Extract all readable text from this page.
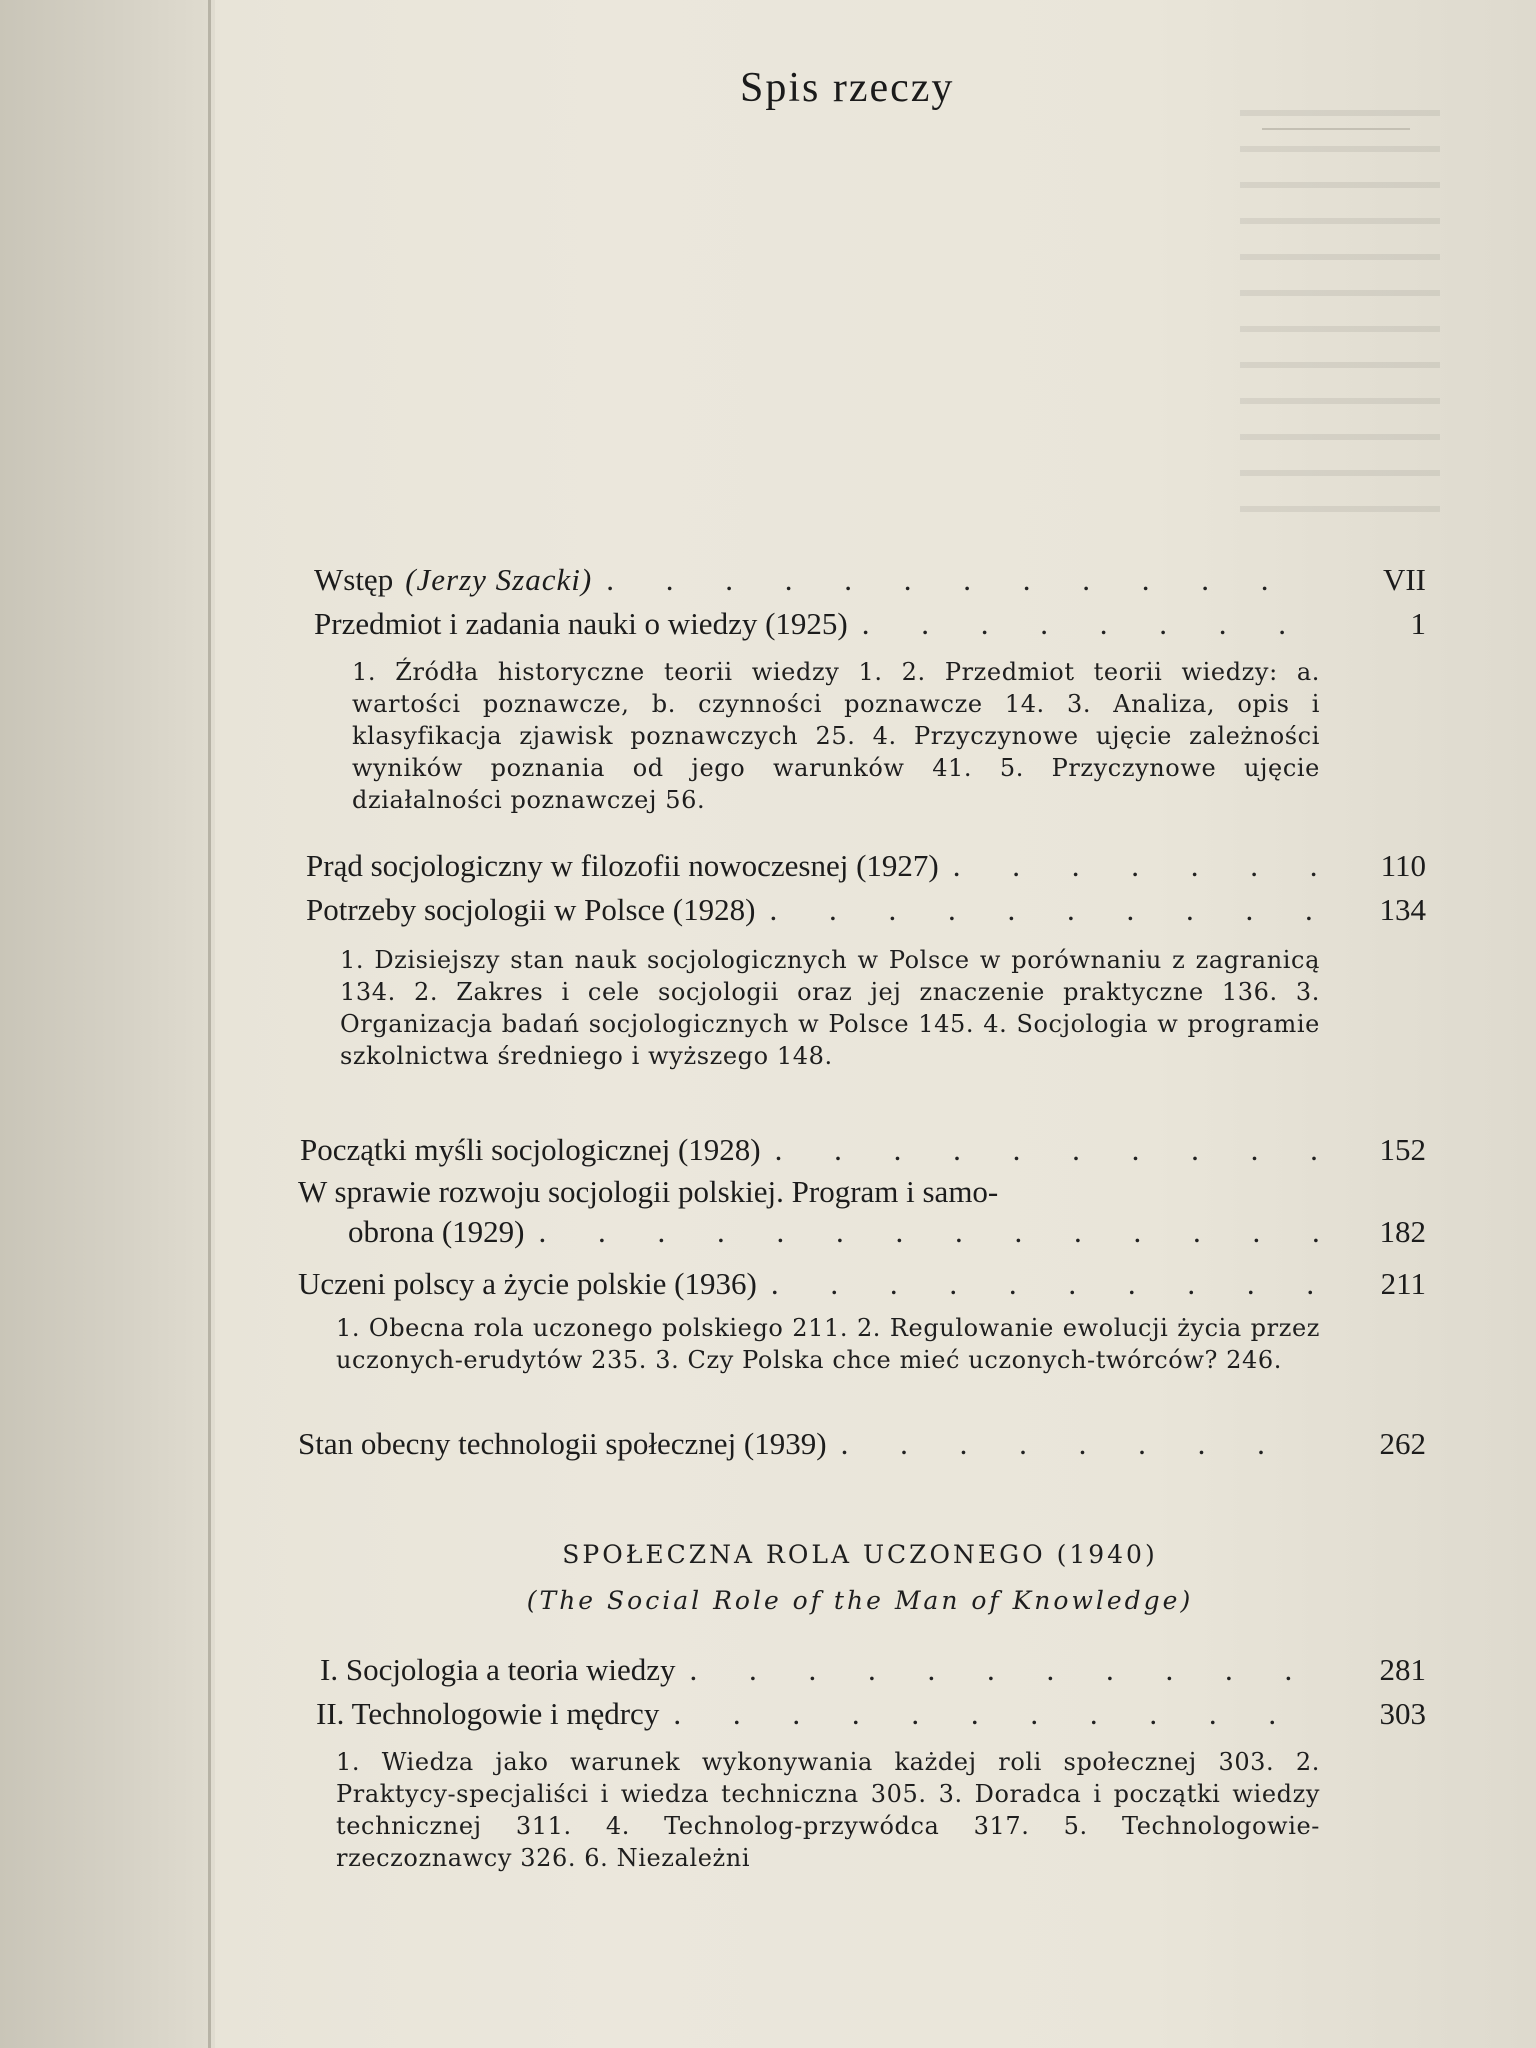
Spis rzeczy
Wstęp (Jerzy Szacki) . . .	VII
Przedmiot i zadania nauki o wiedzy (1925) . . .	1
1. Źródła historyczne teorii wiedzy 1. 2. Przedmiot teorii wiedzy: a. wartości poznawcze, b. czynności poznawcze 14. 3. Analiza, opis i klasyfikacja zjawisk poznawczych 25. 4. Przyczynowe ujęcie zależności wyników poznania od jego warunków 41. 5. Przyczynowe ujęcie działalności poznawczej 56.
Prąd socjologiczny w filozofii nowoczesnej (1927) . . .	110
Potrzeby socjologii w Polsce (1928) . . .	134
1. Dzisiejszy stan nauk socjologicznych w Polsce w porównaniu z zagranicą 134. 2. Zakres i cele socjologii oraz jej znaczenie praktyczne 136. 3. Organizacja badań socjologicznych w Polsce 145. 4. Socjologia w programie szkolnictwa średniego i wyższego 148.
Początki myśli socjologicznej (1928) . . .	152
W sprawie rozwoju socjologii polskiej. Program i samo-
obrona (1929) . . .	182
Uczeni polscy a życie polskie (1936) . . .	211
1. Obecna rola uczonego polskiego 211. 2. Regulowanie ewolucji życia przez uczonych-erudytów 235. 3. Czy Polska chce mieć uczonych-twórców? 246.
Stan obecny technologii społecznej (1939) . . .	262
SPOŁECZNA ROLA UCZONEGO (1940)
(The Social Role of the Man of Knowledge)
I. Socjologia a teoria wiedzy . . .	281
II. Technologowie i mędrcy . . .	303
1. Wiedza jako warunek wykonywania każdej roli społecznej 303. 2. Praktycy-specjaliści i wiedza techniczna 305. 3. Doradca i początki wiedzy technicznej 311. 4. Technolog-przywódca 317. 5. Technologowie-rzeczoznawcy 326. 6. Niezależni
